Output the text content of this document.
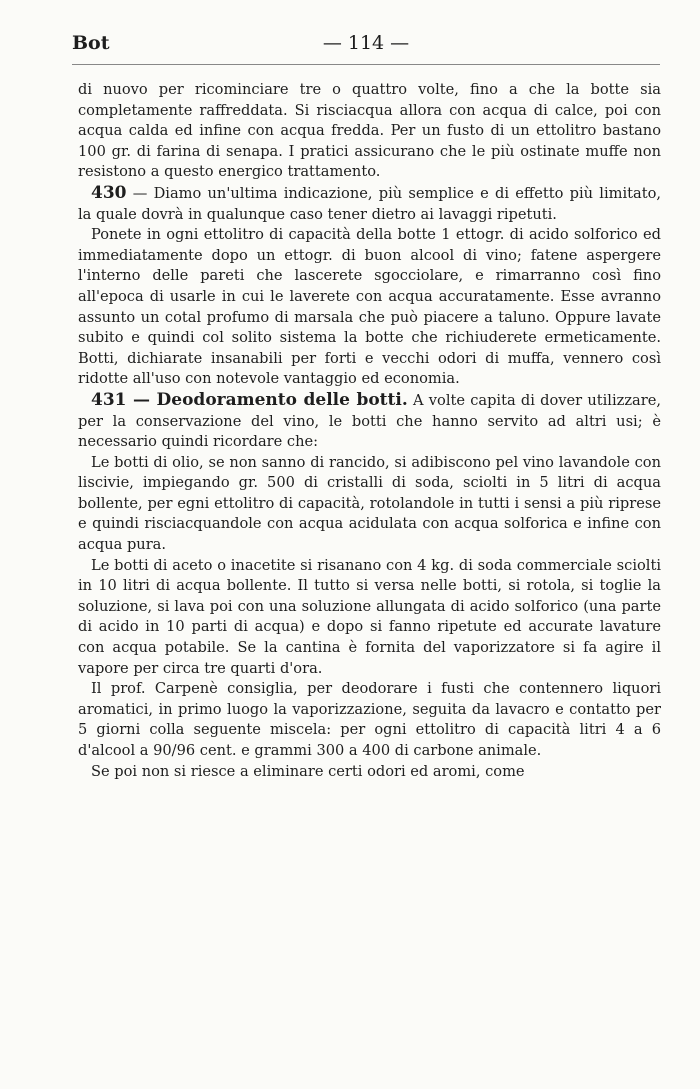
Bot	— 114 —

di nuovo per ricominciare tre o quattro volte, fino a che la botte sia completamente raffreddata. Si risciacqua allora con acqua di calce, poi con acqua calda ed infine con acqua fredda. Per un fusto di un ettolitro bastano 100 gr. di farina di senapa. I pratici assicurano che le più ostinate muffe non resistono a questo energico trattamento.

430 — Diamo un'ultima indicazione, più semplice e di effetto più limitato, la quale dovrà in qualunque caso tener dietro ai lavaggi ripetuti.

Ponete in ogni ettolitro di capacità della botte 1 ettogr. di acido solforico ed immediatamente dopo un ettogr. di buon alcool di vino; fatene aspergere l'interno delle pareti che lascerete sgocciolare, e rimarranno così fino all'epoca di usarle in cui le laverete con acqua accuratamente. Esse avranno assunto un cotal profumo di marsala che può piacere a taluno. Oppure lavate subito e quindi col solito sistema la botte che richiuderete ermeticamente. Botti, dichiarate insanabili per forti e vecchi odori di muffa, vennero così ridotte all'uso con notevole vantaggio ed economia.

431 — Deodoramento delle botti. A volte capita di dover utilizzare, per la conservazione del vino, le botti che hanno servito ad altri usi; è necessario quindi ricordare che:

Le botti di olio, se non sanno di rancido, si adibiscono pel vino lavandole con liscivie, impiegando gr. 500 di cristalli di soda, sciolti in 5 litri di acqua bollente, per egni ettolitro di capacità, rotolandole in tutti i sensi a più riprese e quindi risciacquandole con acqua acidulata con acqua solforica e infine con acqua pura.

Le botti di aceto o inacetite si risanano con 4 kg. di soda commerciale sciolti in 10 litri di acqua bollente. Il tutto si versa nelle botti, si rotola, si toglie la soluzione, si lava poi con una soluzione allungata di acido solforico (una parte di acido in 10 parti di acqua) e dopo si fanno ripetute ed accurate lavature con acqua potabile. Se la cantina è fornita del vaporizzatore si fa agire il vapore per circa tre quarti d'ora.

Il prof. Carpenè consiglia, per deodorare i fusti che contennero liquori aromatici, in primo luogo la vaporizzazione, seguita da lavacro e contatto per 5 giorni colla seguente miscela: per ogni ettolitro di capacità litri 4 a 6 d'alcool a 90/96 cent. e grammi 300 a 400 di carbone animale.

Se poi non si riesce a eliminare certi odori ed aromi, come
